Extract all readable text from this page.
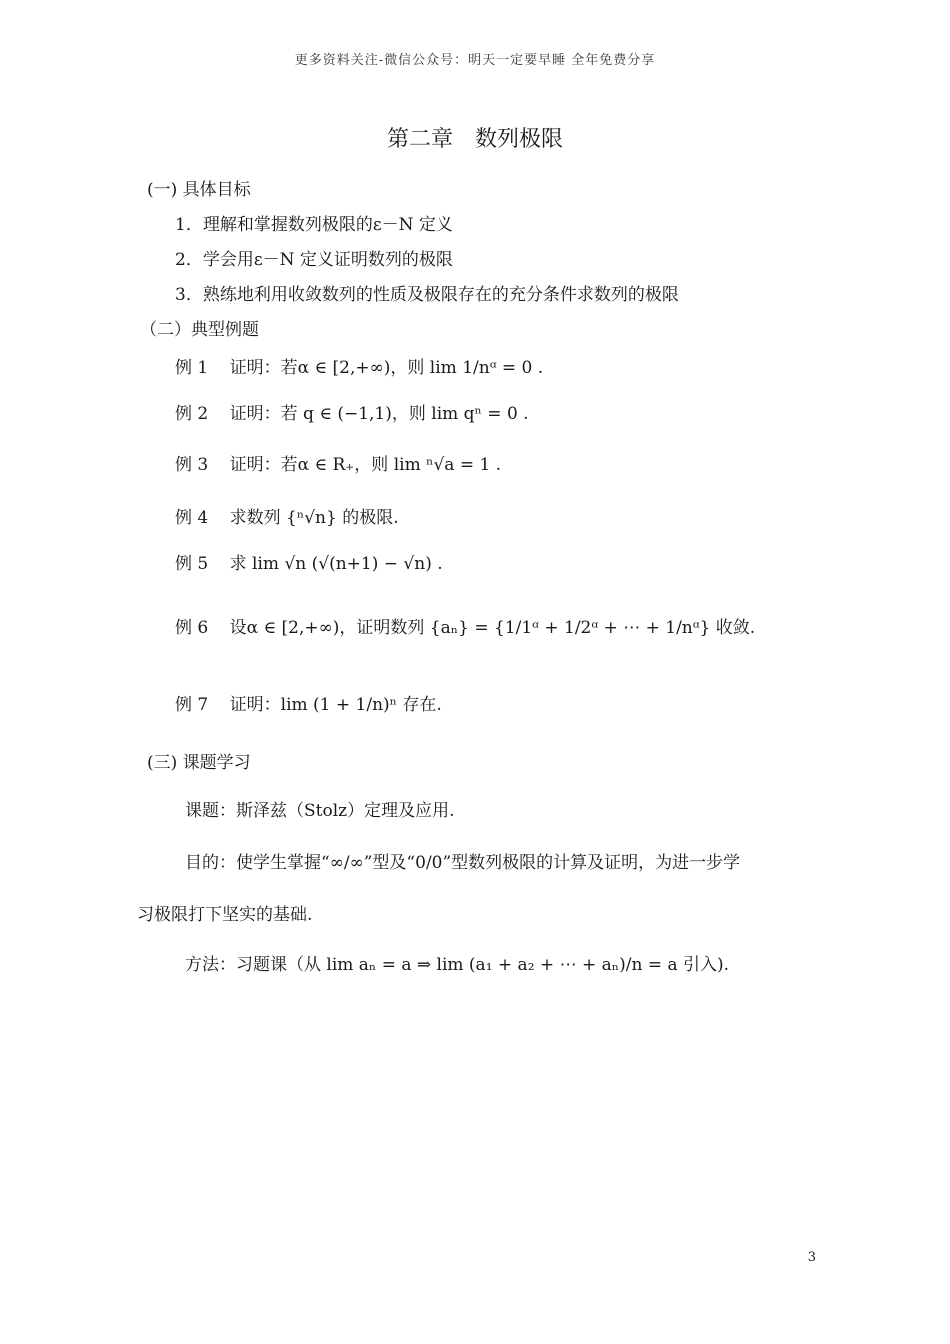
更多资料关注-微信公众号：明天一定要早睡 全年免费分享
第二章 数列极限
(一) 具体目标
1．理解和掌握数列极限的ε－N 定义
2．学会用ε－N 定义证明数列的极限
3．熟练地利用收敛数列的性质及极限存在的充分条件求数列的极限
（二）典型例题
例 1 证明：若α ∈ [2,+∞)，则 lim 1/nᵅ = 0 .
例 2 证明：若 q ∈ (−1,1)，则 lim qⁿ = 0 .
例 3 证明：若α ∈ R₊，则 lim ⁿ√a = 1 .
例 4 求数列 {ⁿ√n} 的极限.
例 5 求 lim √n (√(n+1) − √n) .
例 6 设α ∈ [2,+∞)，证明数列 {aₙ} = {1/1ᵅ + 1/2ᵅ + ⋯ + 1/nᵅ} 收敛.
例 7 证明：lim (1 + 1/n)ⁿ 存在.
(三) 课题学习
课题：斯泽兹（Stolz）定理及应用.
目的：使学生掌握“∞/∞”型及“0/0”型数列极限的计算及证明，为进一步学
习极限打下坚实的基础.
方法：习题课（从 lim aₙ = a ⇒ lim (a₁ + a₂ + ⋯ + aₙ)/n = a 引入).
3
